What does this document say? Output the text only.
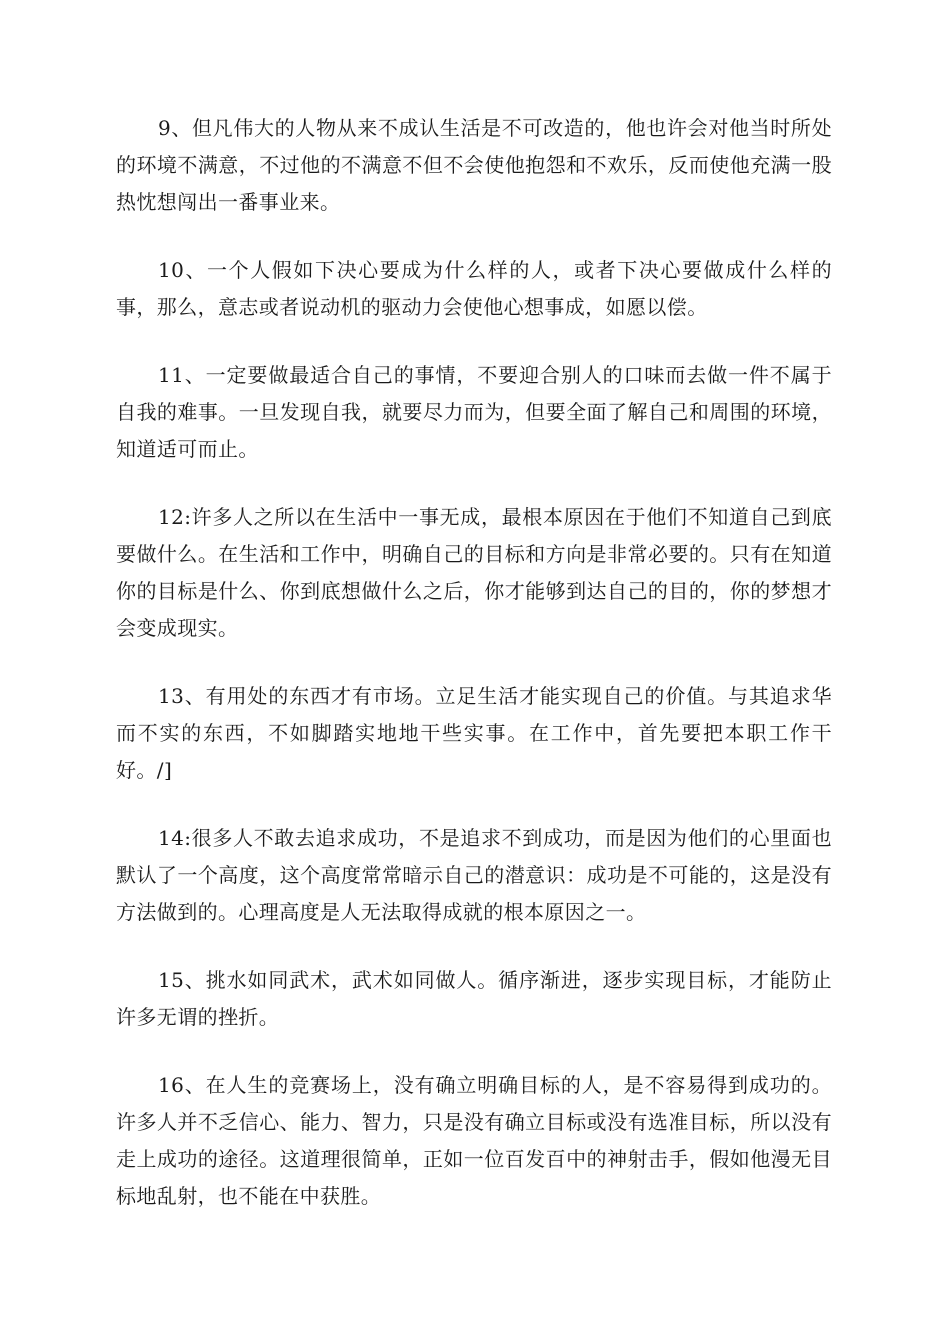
9、但凡伟大的人物从来不成认生活是不可改造的，他也许会对他当时所处的环境不满意，不过他的不满意不但不会使他抱怨和不欢乐，反而使他充满一股热忱想闯出一番事业来。

10、一个人假如下决心要成为什么样的人，或者下决心要做成什么样的事，那么，意志或者说动机的驱动力会使他心想事成，如愿以偿。

11、一定要做最适合自己的事情，不要迎合别人的口味而去做一件不属于自我的难事。一旦发现自我，就要尽力而为，但要全面了解自己和周围的环境，知道适可而止。

12:许多人之所以在生活中一事无成，最根本原因在于他们不知道自己到底要做什么。在生活和工作中，明确自己的目标和方向是非常必要的。只有在知道你的目标是什么、你到底想做什么之后，你才能够到达自己的目的，你的梦想才会变成现实。

13、有用处的东西才有市场。立足生活才能实现自己的价值。与其追求华而不实的东西，不如脚踏实地地干些实事。在工作中，首先要把本职工作干好。/]

14:很多人不敢去追求成功，不是追求不到成功，而是因为他们的心里面也默认了一个高度，这个高度常常暗示自己的潜意识：成功是不可能的，这是没有方法做到的。心理高度是人无法取得成就的根本原因之一。

15、挑水如同武术，武术如同做人。循序渐进，逐步实现目标，才能防止许多无谓的挫折。

16、在人生的竞赛场上，没有确立明确目标的人，是不容易得到成功的。许多人并不乏信心、能力、智力，只是没有确立目标或没有选准目标，所以没有走上成功的途径。这道理很简单，正如一位百发百中的神射击手，假如他漫无目标地乱射，也不能在中获胜。
